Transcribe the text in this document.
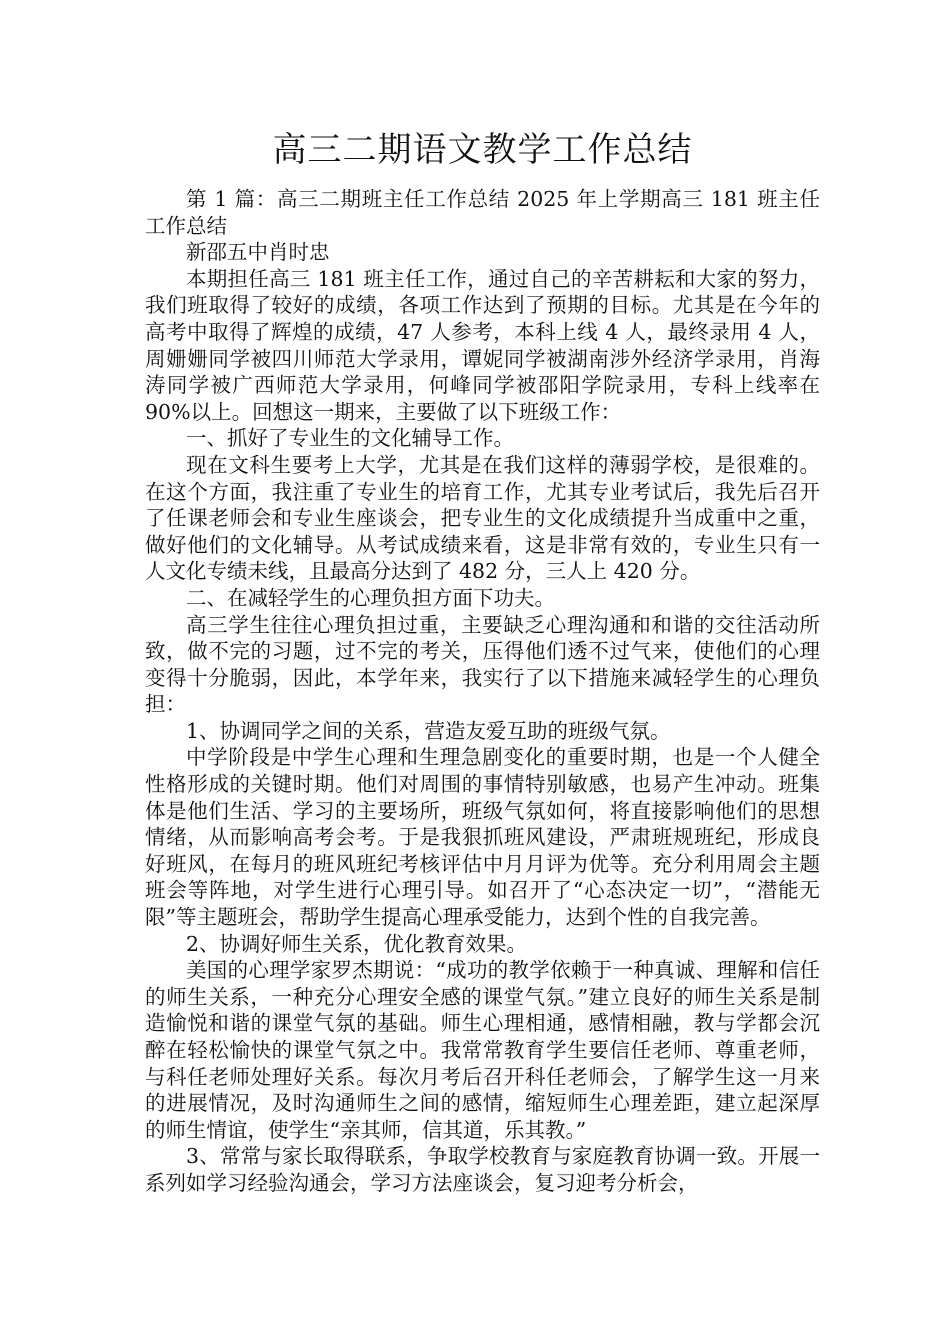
高三二期语文教学工作总结

第 1 篇：高三二期班主任工作总结 2025 年上学期高三 181 班主任工作总结

新邵五中肖时忠

本期担任高三 181 班主任工作，通过自己的辛苦耕耘和大家的努力，我们班取得了较好的成绩，各项工作达到了预期的目标。尤其是在今年的高考中取得了辉煌的成绩，47 人参考，本科上线 4 人，最终录用 4 人，周姗姗同学被四川师范大学录用，谭妮同学被湖南涉外经济学录用，肖海涛同学被广西师范大学录用，何峰同学被邵阳学院录用，专科上线率在 90%以上。回想这一期来，主要做了以下班级工作：

一、抓好了专业生的文化辅导工作。

现在文科生要考上大学，尤其是在我们这样的薄弱学校，是很难的。在这个方面，我注重了专业生的培育工作，尤其专业考试后，我先后召开了任课老师会和专业生座谈会，把专业生的文化成绩提升当成重中之重，做好他们的文化辅导。从考试成绩来看，这是非常有效的，专业生只有一人文化专绩未线，且最高分达到了 482 分，三人上 420 分。

二、在减轻学生的心理负担方面下功夫。

高三学生往往心理负担过重，主要缺乏心理沟通和和谐的交往活动所致，做不完的习题，过不完的考关，压得他们透不过气来，使他们的心理变得十分脆弱，因此，本学年来，我实行了以下措施来减轻学生的心理负担：

1、协调同学之间的关系，营造友爱互助的班级气氛。

中学阶段是中学生心理和生理急剧变化的重要时期，也是一个人健全性格形成的关键时期。他们对周围的事情特别敏感，也易产生冲动。班集体是他们生活、学习的主要场所，班级气氛如何，将直接影响他们的思想情绪，从而影响高考会考。于是我狠抓班风建设，严肃班规班纪，形成良好班风，在每月的班风班纪考核评估中月月评为优等。充分利用周会主题班会等阵地，对学生进行心理引导。如召开了“心态决定一切”，“潜能无限”等主题班会，帮助学生提高心理承受能力，达到个性的自我完善。

2、协调好师生关系，优化教育效果。

美国的心理学家罗杰期说：“成功的教学依赖于一种真诚、理解和信任的师生关系，一种充分心理安全感的课堂气氛。”建立良好的师生关系是制造愉悦和谐的课堂气氛的基础。师生心理相通，感情相融，教与学都会沉醉在轻松愉快的课堂气氛之中。我常常教育学生要信任老师、尊重老师，与科任老师处理好关系。每次月考后召开科任老师会，了解学生这一月来的进展情况，及时沟通师生之间的感情，缩短师生心理差距，建立起深厚的师生情谊，使学生“亲其师，信其道，乐其教。”

3、常常与家长取得联系，争取学校教育与家庭教育协调一致。开展一系列如学习经验沟通会，学习方法座谈会，复习迎考分析会，
